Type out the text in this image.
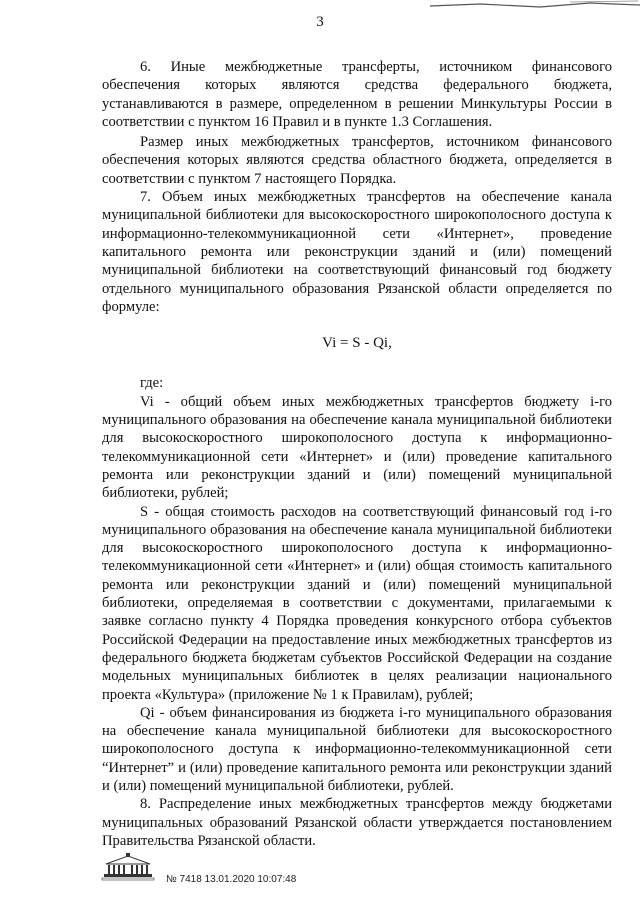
3

6. Иные межбюджетные трансферты, источником финансового обеспечения которых являются средства федерального бюджета, устанавливаются в размере, определенном в решении Минкультуры России в соответствии с пунктом 16 Правил и в пункте 1.3 Соглашения.

Размер иных межбюджетных трансфертов, источником финансового обеспечения которых являются средства областного бюджета, определяется в соответствии с пунктом 7 настоящего Порядка.

7. Объем иных межбюджетных трансфертов на обеспечение канала муниципальной библиотеки для высокоскоростного широкополосного доступа к информационно-телекоммуникационной сети «Интернет», проведение капитального ремонта или реконструкции зданий и (или) помещений муниципальной библиотеки на соответствующий финансовый год бюджету отдельного муниципального образования Рязанской области определяется по формуле:

Vi = S - Qi,

где:

Vi - общий объем иных межбюджетных трансфертов бюджету i-го муниципального образования на обеспечение канала муниципальной библиотеки для высокоскоростного широкополосного доступа к информационно-телекоммуникационной сети «Интернет» и (или) проведение капитального ремонта или реконструкции зданий и (или) помещений муниципальной библиотеки, рублей;

S - общая стоимость расходов на соответствующий финансовый год i-го муниципального образования на обеспечение канала муниципальной библиотеки для высокоскоростного широкополосного доступа к информационно-телекоммуникационной сети «Интернет» и (или) общая стоимость капитального ремонта или реконструкции зданий и (или) помещений муниципальной библиотеки, определяемая в соответствии с документами, прилагаемыми к заявке согласно пункту 4 Порядка проведения конкурсного отбора субъектов Российской Федерации на предоставление иных межбюджетных трансфертов из федерального бюджета бюджетам субъектов Российской Федерации на создание модельных муниципальных библиотек в целях реализации национального проекта «Культура» (приложение № 1 к Правилам), рублей;

Qi - объем финансирования из бюджета i-го муниципального образования на обеспечение канала муниципальной библиотеки для высокоскоростного широкополосного доступа к информационно-телекоммуникационной сети “Интернет” и (или) проведение капитального ремонта или реконструкции зданий и (или) помещений муниципальной библиотеки, рублей.

8. Распределение иных межбюджетных трансфертов между бюджетами муниципальных образований Рязанской области утверждается постановлением Правительства Рязанской области.

№ 7418 13.01.2020 10:07:48
